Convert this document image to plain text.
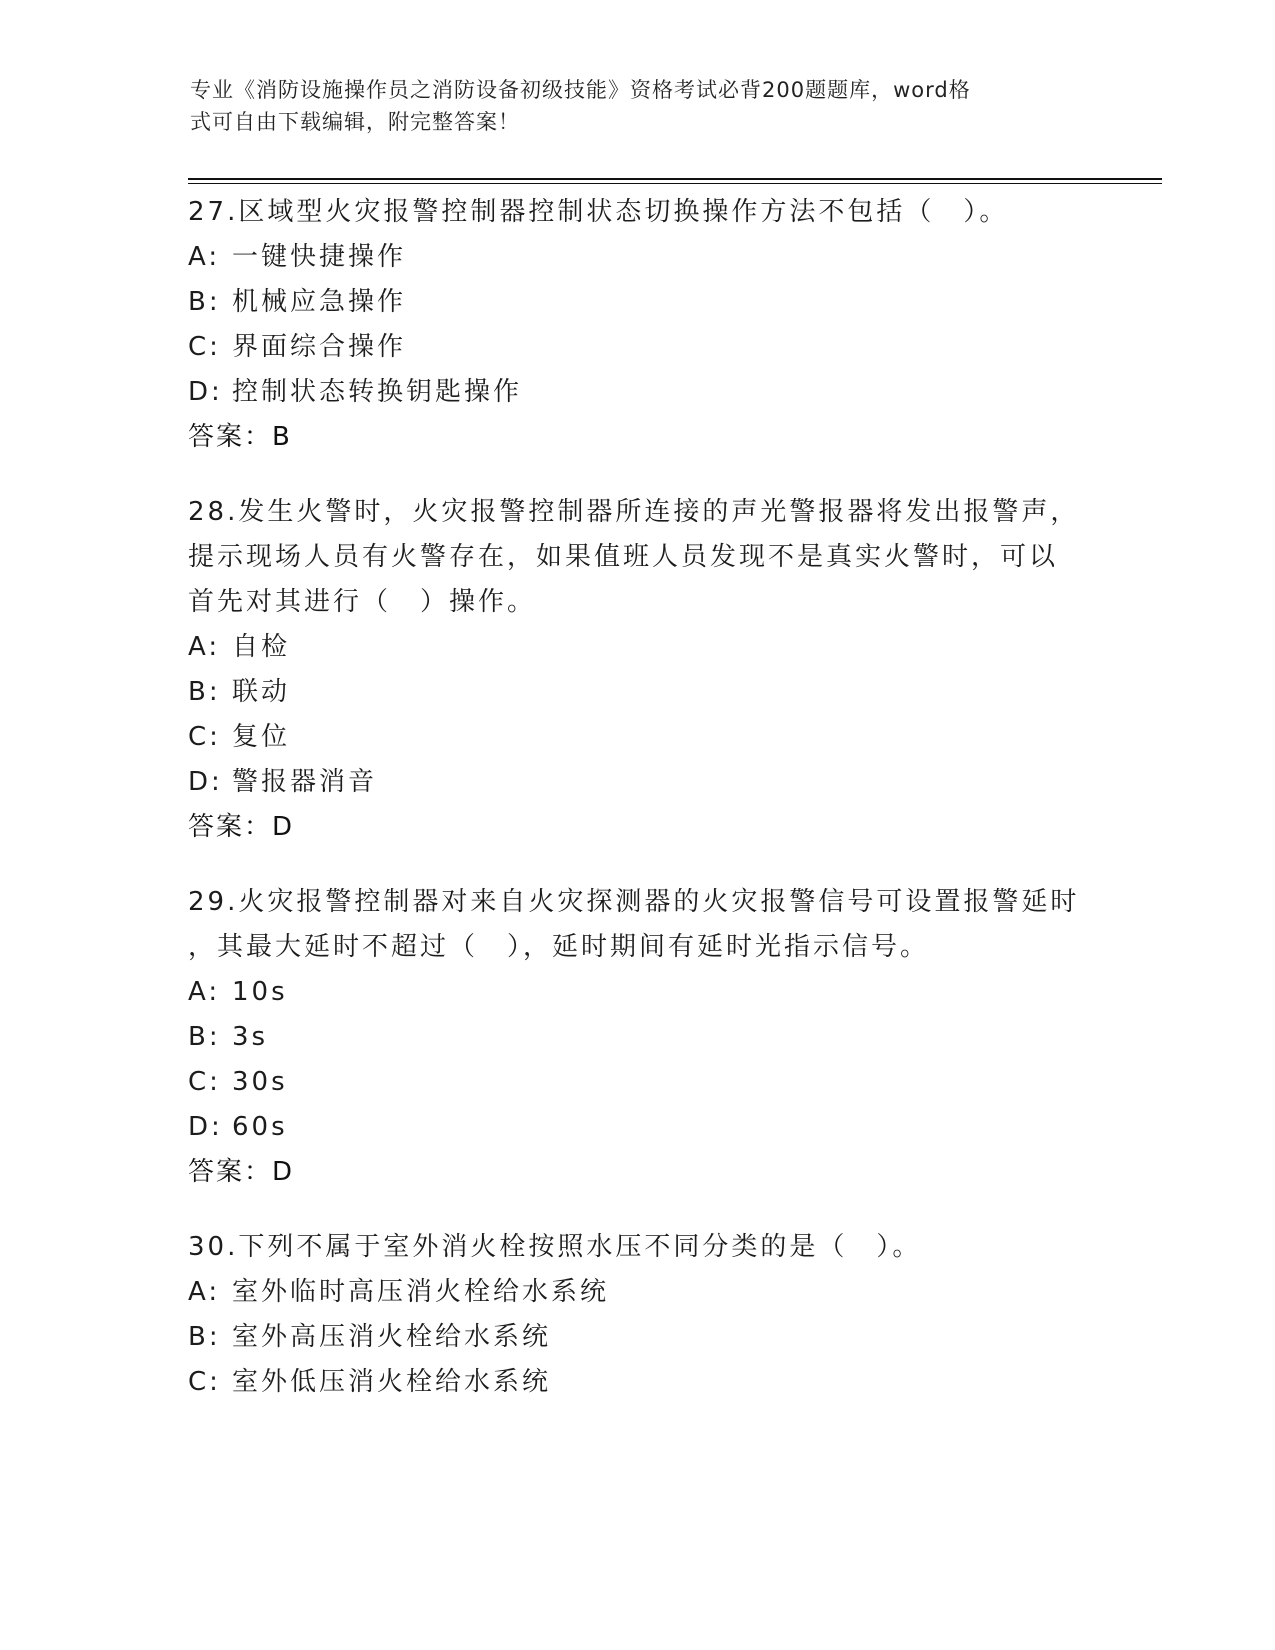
专业《消防设施操作员之消防设备初级技能》资格考试必背200题题库，word格
式可自由下载编辑，附完整答案！

27.区域型火灾报警控制器控制状态切换操作方法不包括（　）。

A: 一键快捷操作
B: 机械应急操作
C: 界面综合操作
D: 控制状态转换钥匙操作

答案：B

28.发生火警时，火灾报警控制器所连接的声光警报器将发出报警声，

提示现场人员有火警存在，如果值班人员发现不是真实火警时，可以

首先对其进行（　）操作。

A: 自检
B: 联动
C: 复位
D: 警报器消音

答案：D

29.火灾报警控制器对来自火灾探测器的火灾报警信号可设置报警延时

，其最大延时不超过（　），延时期间有延时光指示信号。

A: 10s
B: 3s
C: 30s
D: 60s

答案：D

30.下列不属于室外消火栓按照水压不同分类的是（　）。

A: 室外临时高压消火栓给水系统
B: 室外高压消火栓给水系统
C: 室外低压消火栓给水系统
